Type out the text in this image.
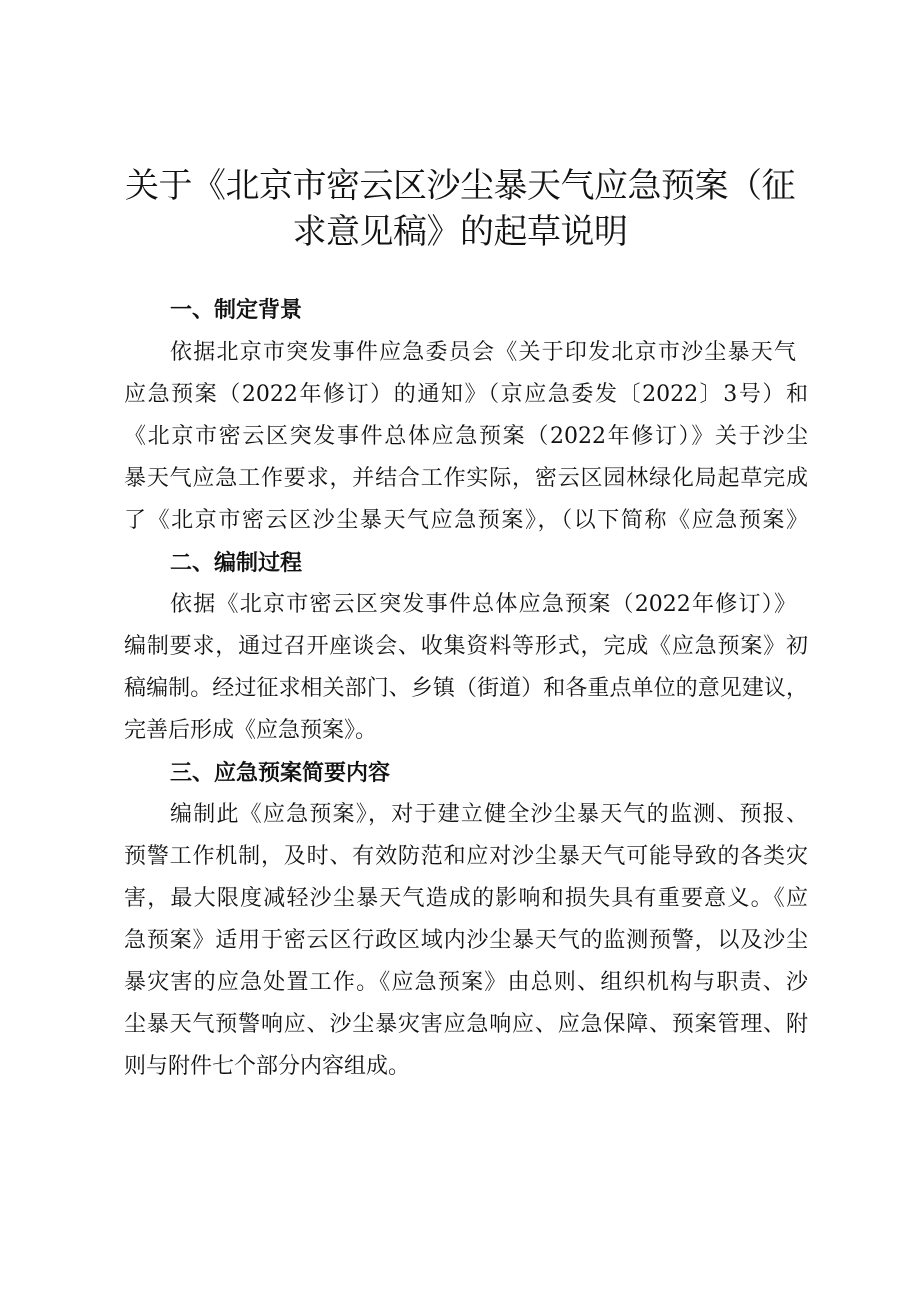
关于《北京市密云区沙尘暴天气应急预案（征
求意见稿》的起草说明
一、制定背景

依据北京市突发事件应急委员会《关于印发北京市沙尘暴天气

应急预案（2022年修订）的通知》（京应急委发〔2022〕3号）和

《北京市密云区突发事件总体应急预案（2022年修订）》关于沙尘

暴天气应急工作要求，并结合工作实际，密云区园林绿化局起草完成

了《北京市密云区沙尘暴天气应急预案》，（以下简称《应急预案》

二、编制过程

依据《北京市密云区突发事件总体应急预案（2022年修订）》

编制要求，通过召开座谈会、收集资料等形式，完成《应急预案》初

稿编制。经过征求相关部门、乡镇（街道）和各重点单位的意见建议，

完善后形成《应急预案》。

三、应急预案简要内容

编制此《应急预案》，对于建立健全沙尘暴天气的监测、预报、

预警工作机制，及时、有效防范和应对沙尘暴天气可能导致的各类灾

害，最大限度减轻沙尘暴天气造成的影响和损失具有重要意义。《应

急预案》适用于密云区行政区域内沙尘暴天气的监测预警，以及沙尘

暴灾害的应急处置工作。《应急预案》由总则、组织机构与职责、沙

尘暴天气预警响应、沙尘暴灾害应急响应、应急保障、预案管理、附

则与附件七个部分内容组成。
